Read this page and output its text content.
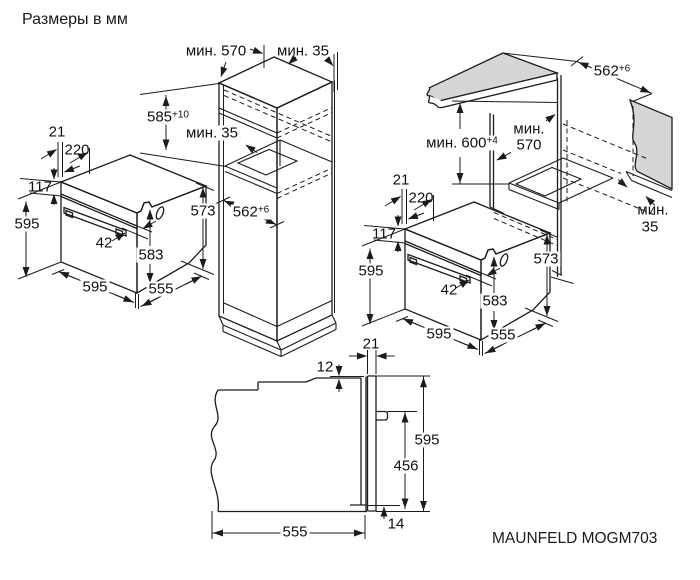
Размеры в мм
MAUNFELD MOGM703
21
220
117
595
42
583
573
595	555
мин. 570 мин. 35
$585^{+10}$
мин. 35
$562^{+6}$
$562^{+6}$
мин. $600^{+4}$
мин.
570
мин.
35
21
220
117
595
42
583
573
595	555
21
12
595
456
14
555
